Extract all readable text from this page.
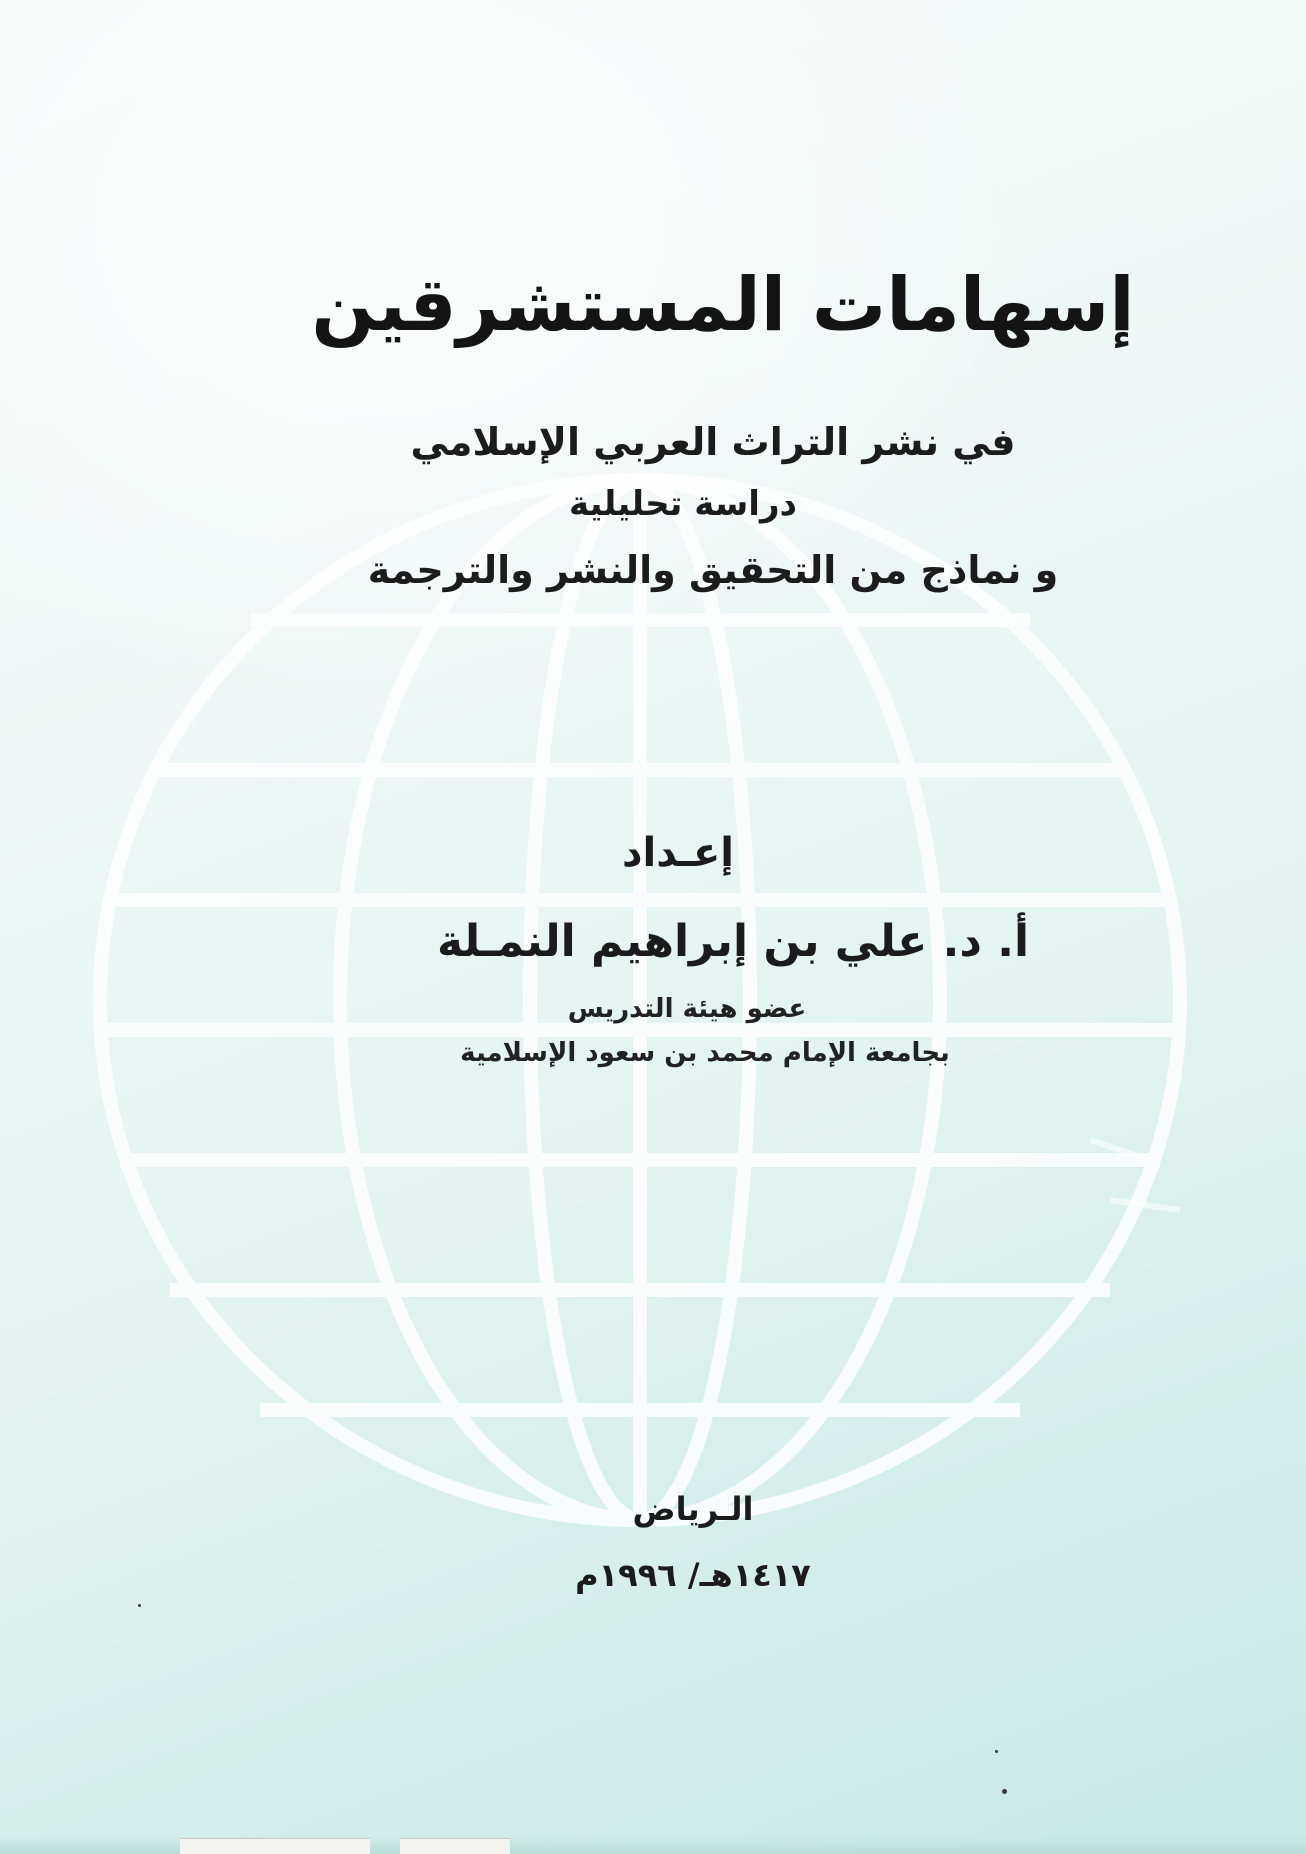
إسهامات المستشرقين
في نشر التراث العربي الإسلامي
دراسة تحليلية
و نماذج من التحقيق والنشر والترجمة
إعـداد
أ. د. علي بن إبراهيم النمـلة
عضو هيئة التدريس
بجامعة الإمام محمد بن سعود الإسلامية
الـرياض
١٤١٧هـ/ ١٩٩٦م
